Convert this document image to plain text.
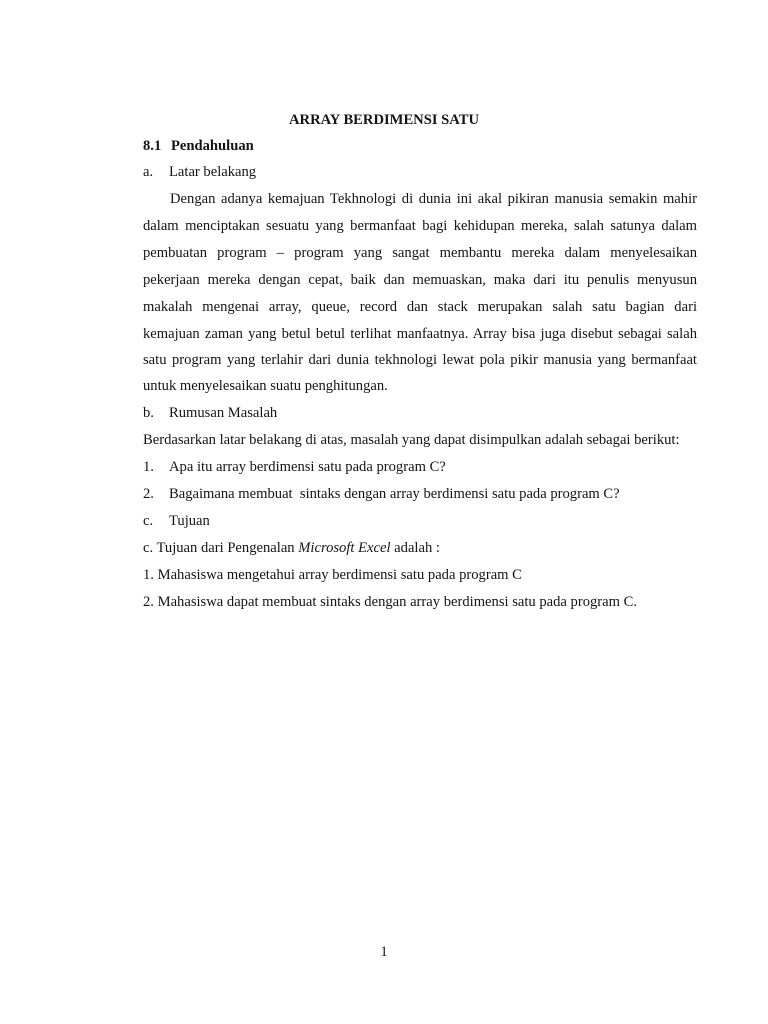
ARRAY BERDIMENSI SATU
8.1 Pendahuluan
a. Latar belakang
Dengan adanya kemajuan Tekhnologi di dunia ini akal pikiran manusia semakin mahir
dalam menciptakan sesuatu yang bermanfaat bagi kehidupan mereka, salah satunya dalam
pembuatan program – program yang sangat membantu mereka dalam menyelesaikan
pekerjaan mereka dengan cepat, baik dan memuaskan, maka dari itu penulis menyusun
makalah mengenai array, queue, record dan stack merupakan salah satu bagian dari
kemajuan zaman yang betul betul terlihat manfaatnya. Array bisa juga disebut sebagai salah
satu program yang terlahir dari dunia tekhnologi lewat pola pikir manusia yang bermanfaat
untuk menyelesaikan suatu penghitungan.
b. Rumusan Masalah
Berdasarkan latar belakang di atas, masalah yang dapat disimpulkan adalah sebagai berikut:
1. Apa itu array berdimensi satu pada program C?
2. Bagaimana membuat  sintaks dengan array berdimensi satu pada program C?
c. Tujuan
c. Tujuan dari Pengenalan Microsoft Excel adalah :
1. Mahasiswa mengetahui array berdimensi satu pada program C
2. Mahasiswa dapat membuat sintaks dengan array berdimensi satu pada program C.
1
